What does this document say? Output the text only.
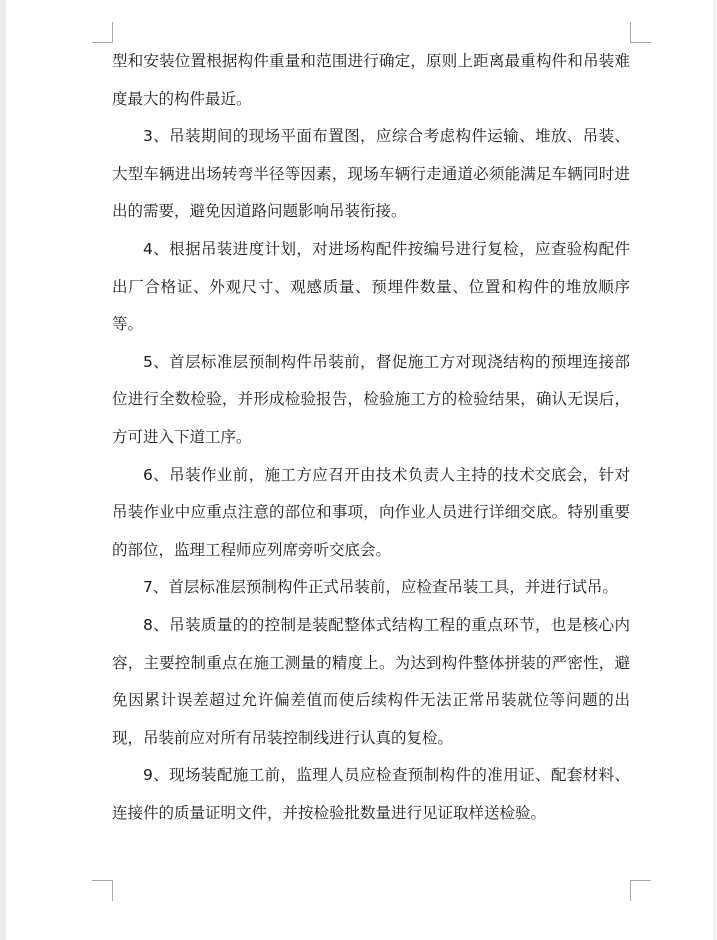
型和安装位置根据构件重量和范围进行确定，原则上距离最重构件和吊装难度最大的构件最近。

3、吊装期间的现场平面布置图，应综合考虑构件运输、堆放、吊装、大型车辆进出场转弯半径等因素，现场车辆行走通道必须能满足车辆同时进出的需要，避免因道路问题影响吊装衔接。

4、根据吊装进度计划，对进场构配件按编号进行复检，应查验构配件出厂合格证、外观尺寸、观感质量、预埋件数量、位置和构件的堆放顺序等。

5、首层标准层预制构件吊装前，督促施工方对现浇结构的预埋连接部位进行全数检验，并形成检验报告，检验施工方的检验结果，确认无误后，方可进入下道工序。

6、吊装作业前，施工方应召开由技术负责人主持的技术交底会，针对吊装作业中应重点注意的部位和事项，向作业人员进行详细交底。特别重要的部位，监理工程师应列席旁听交底会。

7、首层标准层预制构件正式吊装前，应检查吊装工具，并进行试吊。

8、吊装质量的的控制是装配整体式结构工程的重点环节，也是核心内容，主要控制重点在施工测量的精度上。为达到构件整体拼装的严密性，避免因累计误差超过允许偏差值而使后续构件无法正常吊装就位等问题的出现，吊装前应对所有吊装控制线进行认真的复检。

9、现场装配施工前，监理人员应检查预制构件的准用证、配套材料、连接件的质量证明文件，并按检验批数量进行见证取样送检验。
